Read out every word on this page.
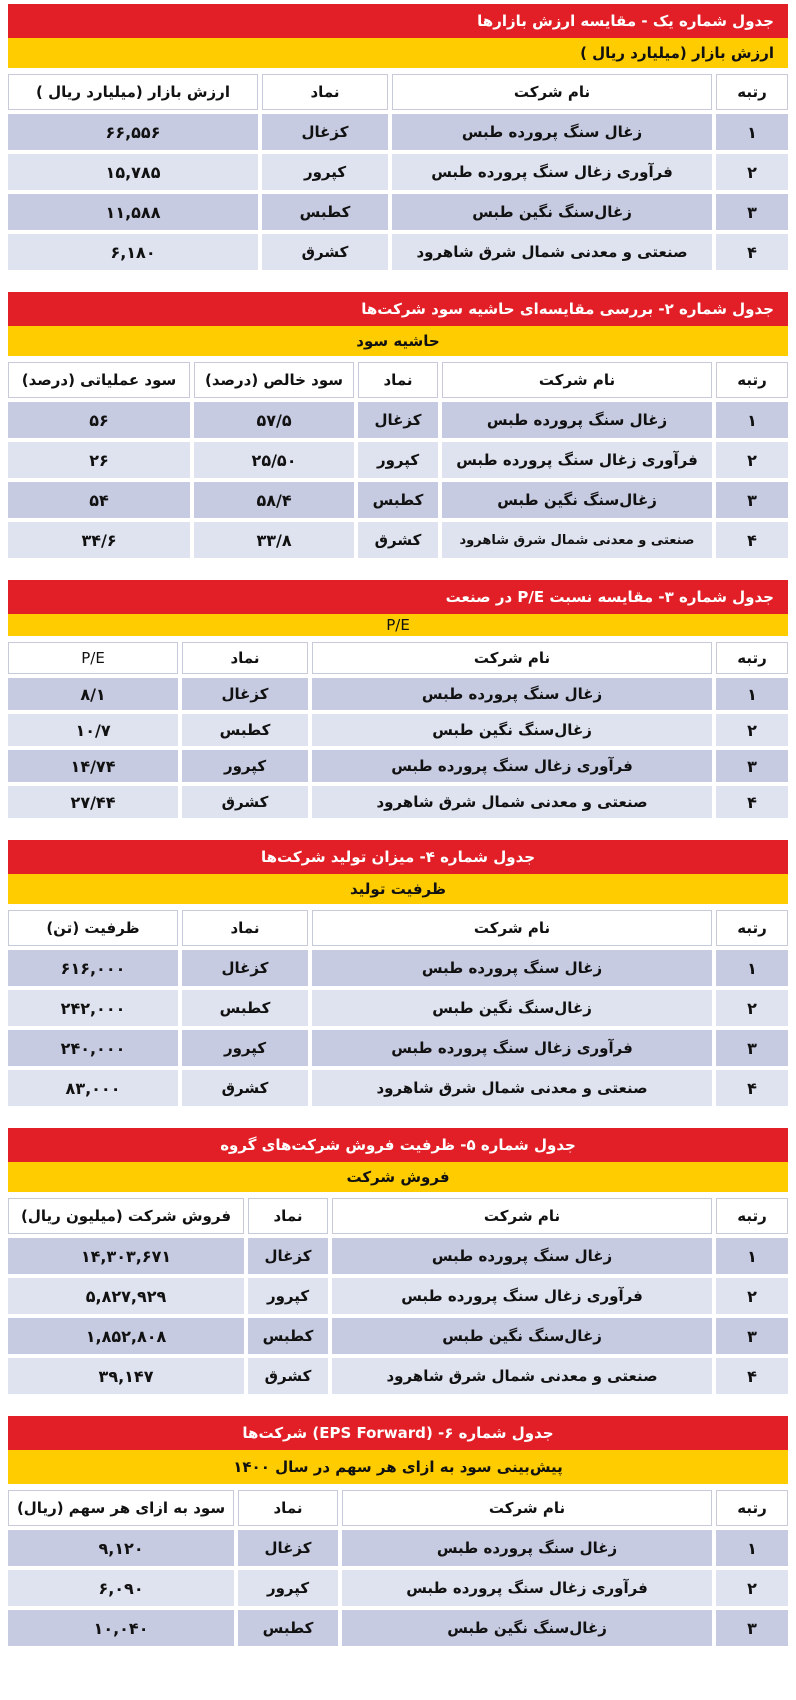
جدول شماره یک - مقایسه ارزش بازارها
ارزش بازار (میلیارد ریال )
رتبه
نام شرکت
نماد
ارزش بازار (میلیارد ریال )
۱
زغال سنگ پرورده طبس
کزغال
۶۶,۵۵۶
۲
فرآوری زغال سنگ پرورده طبس
کپرور
۱۵,۷۸۵
۳
زغال‌سنگ نگین طبس
کطبس
۱۱,۵۸۸
۴
صنعتی و معدنی شمال شرق شاهرود
کشرق
۶,۱۸۰
جدول شماره ۲- بررسی مقایسه‌ای حاشیه سود شرکت‌ها
حاشیه سود
رتبه
نام شرکت
نماد
سود خالص (درصد)
سود عملیاتی (درصد)
۱
زغال سنگ پرورده طبس
کزغال
۵۷/۵
۵۶
۲
فرآوری زغال سنگ پرورده طبس
کپرور
۲۵/۵۰
۲۶
۳
زغال‌سنگ نگین طبس
کطبس
۵۸/۴
۵۴
۴
صنعتی و معدنی شمال شرق شاهرود
کشرق
۳۳/۸
۳۴/۶
جدول شماره ۳- مقایسه نسبت P/E در صنعت
P/E
رتبه
نام شرکت
نماد
P/E
۱
زغال سنگ پرورده طبس
کزغال
۸/۱
۲
زغال‌سنگ نگین طبس
کطبس
۱۰/۷
۳
فرآوری زغال سنگ پرورده طبس
کپرور
۱۴/۷۴
۴
صنعتی و معدنی شمال شرق شاهرود
کشرق
۲۷/۴۴
جدول شماره ۴- میزان تولید شرکت‌ها
ظرفیت تولید
رتبه
نام شرکت
نماد
ظرفیت (تن)
۱
زغال سنگ پرورده طبس
کزغال
۶۱۶,۰۰۰
۲
زغال‌سنگ نگین طبس
کطبس
۲۴۲,۰۰۰
۳
فرآوری زغال سنگ پرورده طبس
کپرور
۲۴۰,۰۰۰
۴
صنعتی و معدنی شمال شرق شاهرود
کشرق
۸۳,۰۰۰
جدول شماره ۵- ظرفیت فروش شرکت‌های گروه
فروش شرکت
رتبه
نام شرکت
نماد
فروش شرکت (میلیون ریال)
۱
زغال سنگ پرورده طبس
کزغال
۱۴,۳۰۳,۶۷۱
۲
فرآوری زغال سنگ پرورده طبس
کپرور
۵,۸۲۷,۹۲۹
۳
زغال‌سنگ نگین طبس
کطبس
۱,۸۵۲,۸۰۸
۴
صنعتی و معدنی شمال شرق شاهرود
کشرق
۳۹,۱۴۷
جدول شماره ۶- (EPS Forward) شرکت‌ها
پیش‌بینی سود به ازای هر سهم در سال ۱۴۰۰
رتبه
نام شرکت
نماد
سود به ازای هر سهم (ریال)
۱
زغال سنگ پرورده طبس
کزغال
۹,۱۲۰
۲
فرآوری زغال سنگ پرورده طبس
کپرور
۶,۰۹۰
۳
زغال‌سنگ نگین طبس
کطبس
۱۰,۰۴۰
